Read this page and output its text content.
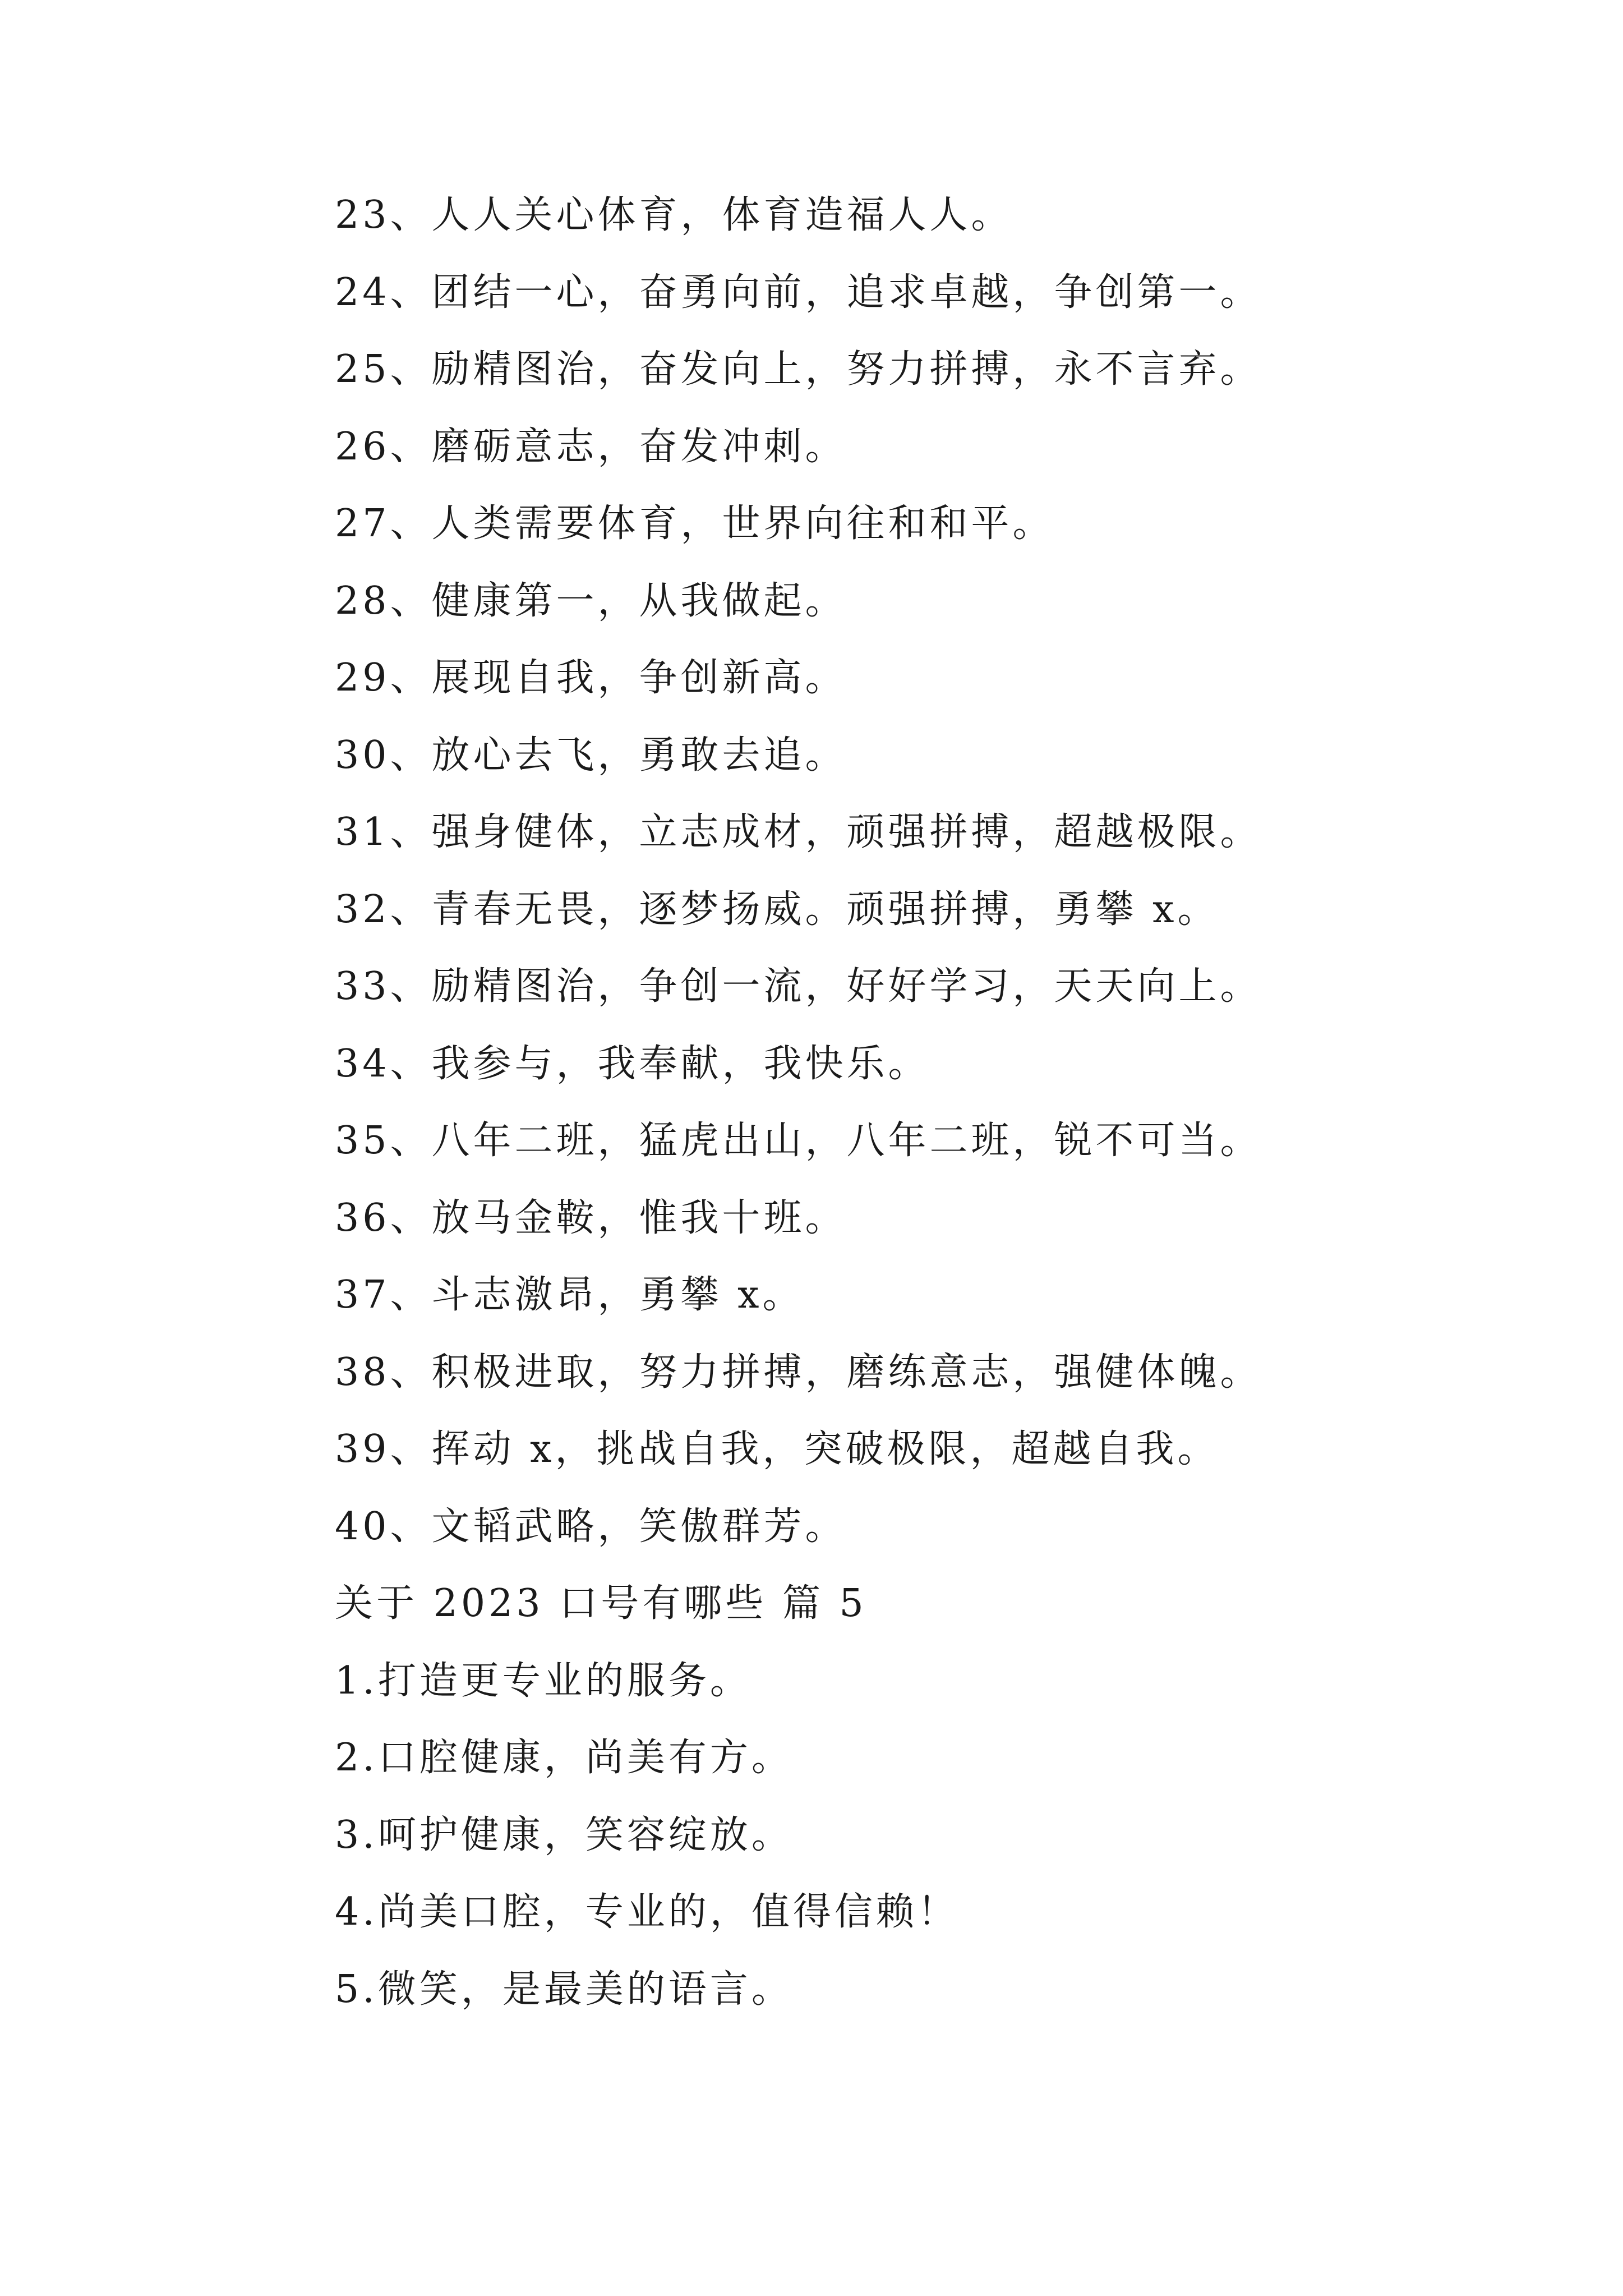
23、人人关心体育，体育造福人人。
24、团结一心，奋勇向前，追求卓越，争创第一。
25、励精图治，奋发向上，努力拼搏，永不言弃。
26、磨砺意志，奋发冲刺。
27、人类需要体育，世界向往和和平。
28、健康第一，从我做起。
29、展现自我，争创新高。
30、放心去飞，勇敢去追。
31、强身健体，立志成材，顽强拼搏，超越极限。
32、青春无畏，逐梦扬威。顽强拼搏，勇攀 x。
33、励精图治，争创一流，好好学习，天天向上。
34、我参与，我奉献，我快乐。
35、八年二班，猛虎出山，八年二班，锐不可当。
36、放马金鞍，惟我十班。
37、斗志激昂，勇攀 x。
38、积极进取，努力拼搏，磨练意志，强健体魄。
39、挥动 x，挑战自我，突破极限，超越自我。
40、文韬武略，笑傲群芳。
关于 2023 口号有哪些 篇 5
1.打造更专业的服务。
2.口腔健康，尚美有方。
3.呵护健康，笑容绽放。
4.尚美口腔，专业的，值得信赖！
5.微笑，是最美的语言。
